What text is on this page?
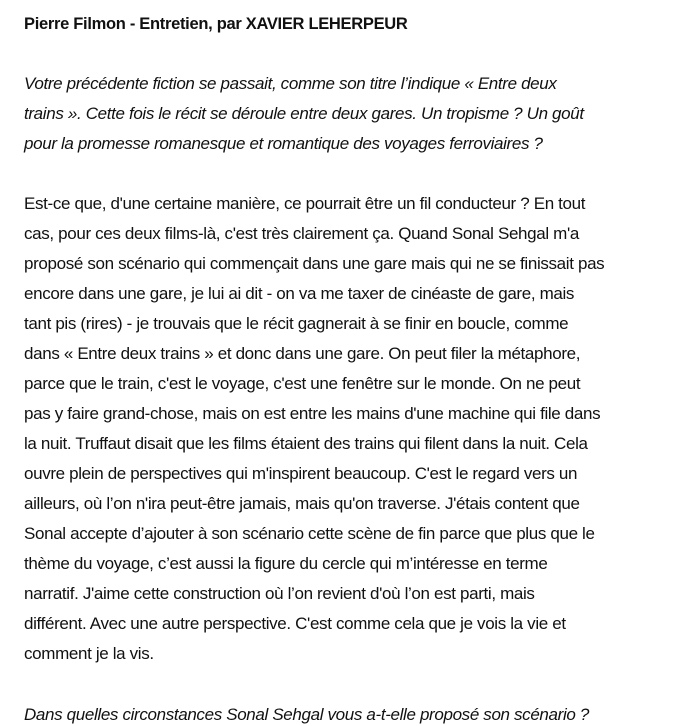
Pierre Filmon - Entretien, par XAVIER LEHERPEUR
Votre précédente fiction se passait, comme son titre l’indique « Entre deux
trains ». Cette fois le récit se déroule entre deux gares. Un tropisme ? Un goût
pour la promesse romanesque et romantique des voyages ferroviaires ?
Est-ce que, d'une certaine manière, ce pourrait être un fil conducteur ? En tout
cas, pour ces deux films-là, c'est très clairement ça. Quand Sonal Sehgal m'a
proposé son scénario qui commençait dans une gare mais qui ne se finissait pas
encore dans une gare, je lui ai dit - on va me taxer de cinéaste de gare, mais
tant pis (rires) - je trouvais que le récit gagnerait à se finir en boucle, comme
dans « Entre deux trains » et donc dans une gare. On peut filer la métaphore,
parce que le train, c'est le voyage, c'est une fenêtre sur le monde. On ne peut
pas y faire grand-chose, mais on est entre les mains d'une machine qui file dans
la nuit. Truffaut disait que les films étaient des trains qui filent dans la nuit. Cela
ouvre plein de perspectives qui m'inspirent beaucoup. C'est le regard vers un
ailleurs, où l’on n'ira peut-être jamais, mais qu'on traverse. J'étais content que
Sonal accepte d’ajouter à son scénario cette scène de fin parce que plus que le
thème du voyage, c’est aussi la figure du cercle qui m’intéresse en terme
narratif. J'aime cette construction où l’on revient d'où l’on est parti, mais
différent. Avec une autre perspective. C'est comme cela que je vois la vie et
comment je la vis.
Dans quelles circonstances Sonal Sehgal vous a-t-elle proposé son scénario ?
